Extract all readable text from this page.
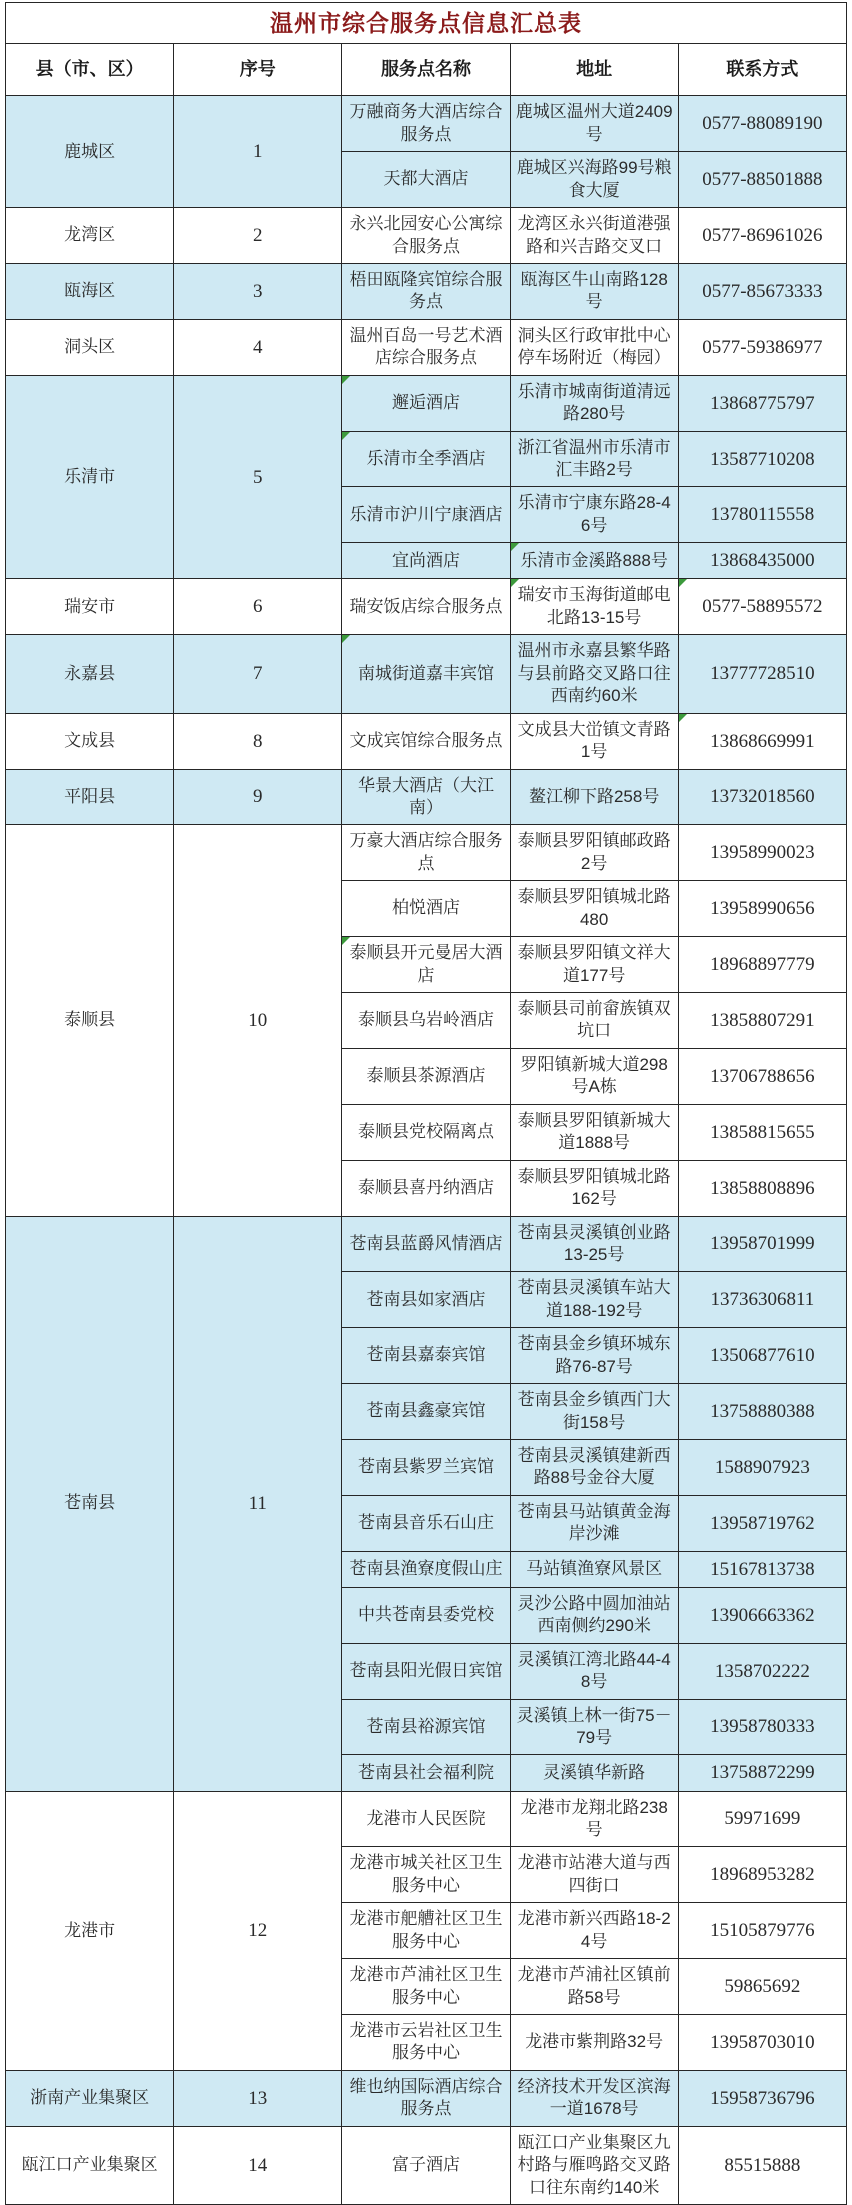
温州市综合服务点信息汇总表				
县（市、区）	序号	服务点名称	地址	联系方式
鹿城区	1	万融商务大酒店综合服务点	鹿城区温州大道2409号	0577-88089190
		天都大酒店	鹿城区兴海路99号粮食大厦	0577-88501888
龙湾区	2	永兴北园安心公寓综合服务点	龙湾区永兴街道港强路和兴吉路交叉口	0577-86961026
瓯海区	3	梧田瓯隆宾馆综合服务点	瓯海区牛山南路128号	0577-85673333
洞头区	4	温州百岛一号艺术酒店综合服务点	洞头区行政审批中心停车场附近（梅园）	0577-59386977
乐清市	5	邂逅酒店	乐清市城南街道清远路280号	13868775797
		乐清市全季酒店	浙江省温州市乐清市汇丰路2号	13587710208
		乐清市沪川宁康酒店	乐清市宁康东路28-46号	13780115558
		宜尚酒店	乐清市金溪路888号	13868435000
瑞安市	6	瑞安饭店综合服务点	瑞安市玉海街道邮电北路13-15号	0577-58895572

永嘉县	7	南城街道嘉丰宾馆	温州市永嘉县繁华路与县前路交叉路口往西南约60米	13777728510
文成县	8	文成宾馆综合服务点	文成县大峃镇文青路1号	13868669991

平阳县	9	华景大酒店（大江南）	鳌江柳下路258号	13732018560
泰顺县	10	万豪大酒店综合服务点	泰顺县罗阳镇邮政路2号	13958990023
		柏悦酒店	泰顺县罗阳镇城北路480	13958990656
		泰顺县开元曼居大酒店	泰顺县罗阳镇文祥大道177号	18968897779
		泰顺县乌岩岭酒店	泰顺县司前畲族镇双坑口	13858807291
		泰顺县茶源酒店	罗阳镇新城大道298号A栋	13706788656
		泰顺县党校隔离点	泰顺县罗阳镇新城大道1888号	13858815655
		泰顺县喜丹纳酒店	泰顺县罗阳镇城北路162号	13858808896
苍南县	11	苍南县蓝爵风情酒店	苍南县灵溪镇创业路13-25号	13958701999
		苍南县如家酒店	苍南县灵溪镇车站大道188-192号	13736306811
		苍南县嘉泰宾馆	苍南县金乡镇环城东路76-87号	13506877610
		苍南县鑫豪宾馆	苍南县金乡镇西门大街158号	13758880388
		苍南县紫罗兰宾馆	苍南县灵溪镇建新西路88号金谷大厦	1588907923
		苍南县音乐石山庄	苍南县马站镇黄金海岸沙滩	13958719762
		苍南县渔寮度假山庄	马站镇渔寮风景区	15167813738
		中共苍南县委党校	灵沙公路中圆加油站西南侧约290米	13906663362
		苍南县阳光假日宾馆	灵溪镇江湾北路44-48号	1358702222
		苍南县裕源宾馆	灵溪镇上林一街75－79号	13958780333
		苍南县社会福利院	灵溪镇华新路	13758872299
龙港市	12	龙港市人民医院	龙港市龙翔北路238号	59971699
		龙港市城关社区卫生服务中心	龙港市站港大道与西四街口	18968953282
		龙港市舥艚社区卫生服务中心	龙港市新兴西路18-24号	15105879776
		龙港市芦浦社区卫生服务中心	龙港市芦浦社区镇前路58号	59865692
		龙港市云岩社区卫生服务中心	龙港市紫荆路32号	13958703010
浙南产业集聚区	13	维也纳国际酒店综合服务点	经济技术开发区滨海一道1678号	15958736796
瓯江口产业集聚区	14	富子酒店	瓯江口产业集聚区九村路与雁鸣路交叉路口往东南约140米	85515888
